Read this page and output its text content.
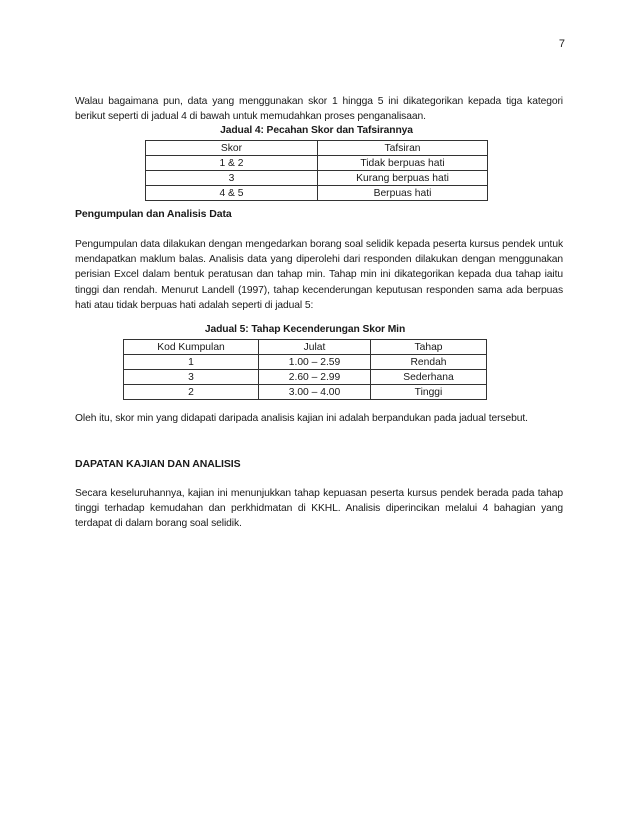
7
Walau bagaimana pun, data yang menggunakan skor 1 hingga 5 ini dikategorikan kepada tiga kategori berikut seperti di jadual 4 di bawah untuk memudahkan proses penganalisaan.
Jadual 4: Pecahan Skor dan Tafsirannya
Skor	Tafsiran
1 & 2	Tidak berpuas hati
3	Kurang berpuas hati
4 & 5	Berpuas hati
Pengumpulan dan Analisis Data
Pengumpulan data dilakukan dengan mengedarkan borang soal selidik kepada peserta kursus pendek untuk mendapatkan maklum balas. Analisis data yang diperolehi dari responden dilakukan dengan menggunakan perisian Excel dalam bentuk peratusan dan tahap min. Tahap min ini dikategorikan kepada dua tahap iaitu tinggi dan rendah. Menurut Landell (1997), tahap kecenderungan keputusan responden sama ada berpuas hati atau tidak berpuas hati adalah seperti di jadual 5:
Jadual 5: Tahap Kecenderungan Skor Min
Kod Kumpulan	Julat	Tahap
1	1.00 – 2.59	Rendah
3	2.60 – 2.99	Sederhana
2	3.00 – 4.00	Tinggi
Oleh itu, skor min yang didapati daripada analisis kajian ini adalah berpandukan pada jadual tersebut.
DAPATAN KAJIAN DAN ANALISIS
Secara keseluruhannya, kajian ini menunjukkan tahap kepuasan peserta kursus pendek berada pada tahap tinggi terhadap kemudahan dan perkhidmatan di KKHL. Analisis diperincikan melalui 4 bahagian yang terdapat di dalam borang soal selidik.
